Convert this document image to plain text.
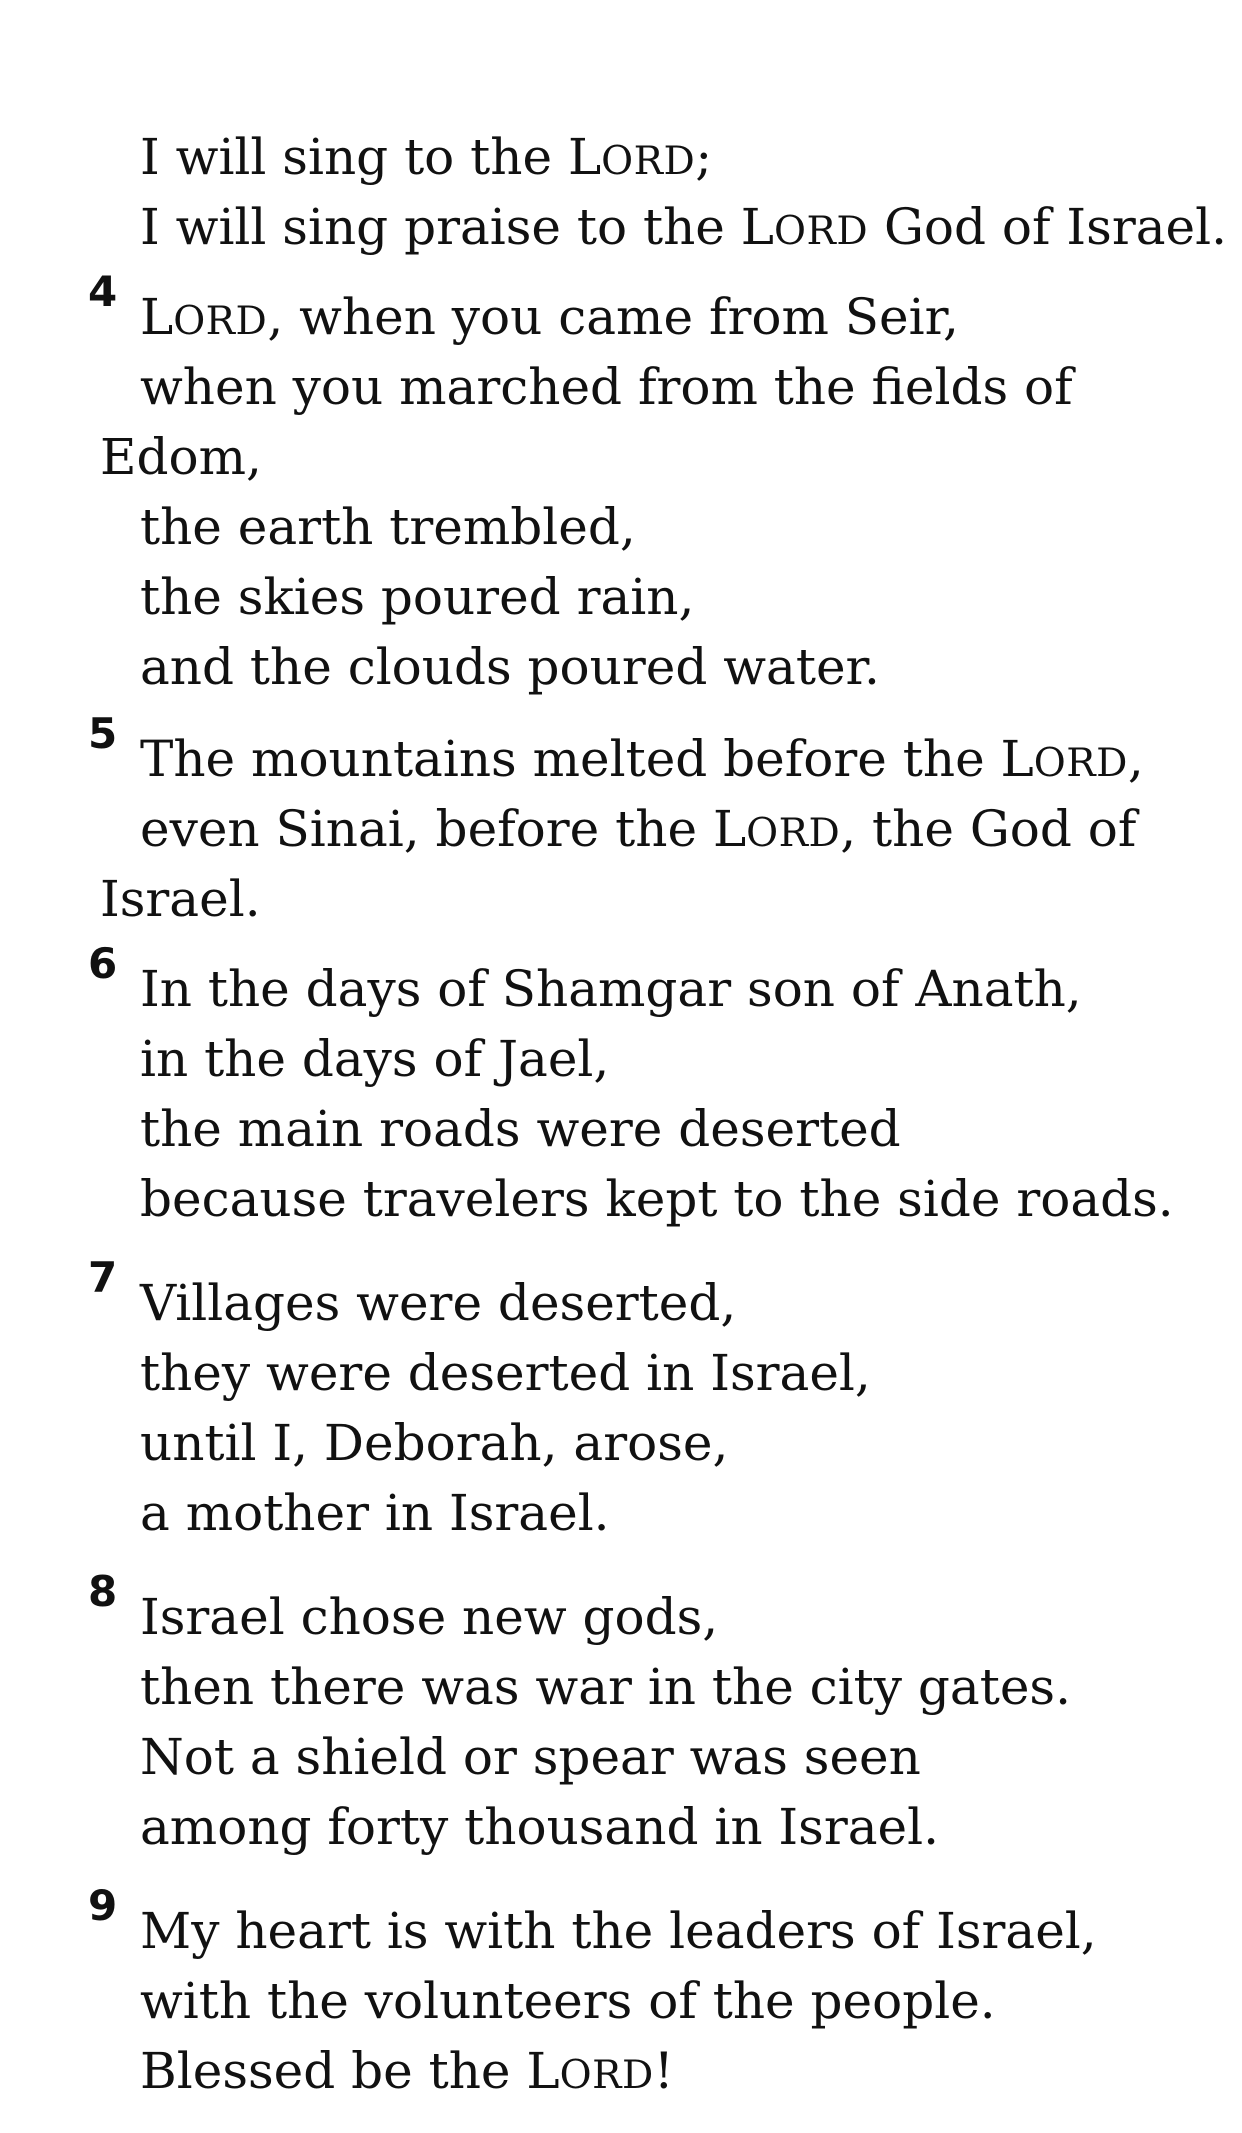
4
5
6
7
8
9
I will sing to the LORD;
I will sing praise to the LORD God of Israel.
LORD, when you came from Seir,
when you marched from the fields of
Edom,
the earth trembled,
the skies poured rain,
and the clouds poured water.
The mountains melted before the LORD,
even Sinai, before the LORD, the God of
Israel.
In the days of Shamgar son of Anath,
in the days of Jael,
the main roads were deserted
because travelers kept to the side roads.
Villages were deserted,
they were deserted in Israel,
until I, Deborah, arose,
a mother in Israel.
Israel chose new gods,
then there was war in the city gates.
Not a shield or spear was seen
among forty thousand in Israel.
My heart is with the leaders of Israel,
with the volunteers of the people.
Blessed be the LORD!
